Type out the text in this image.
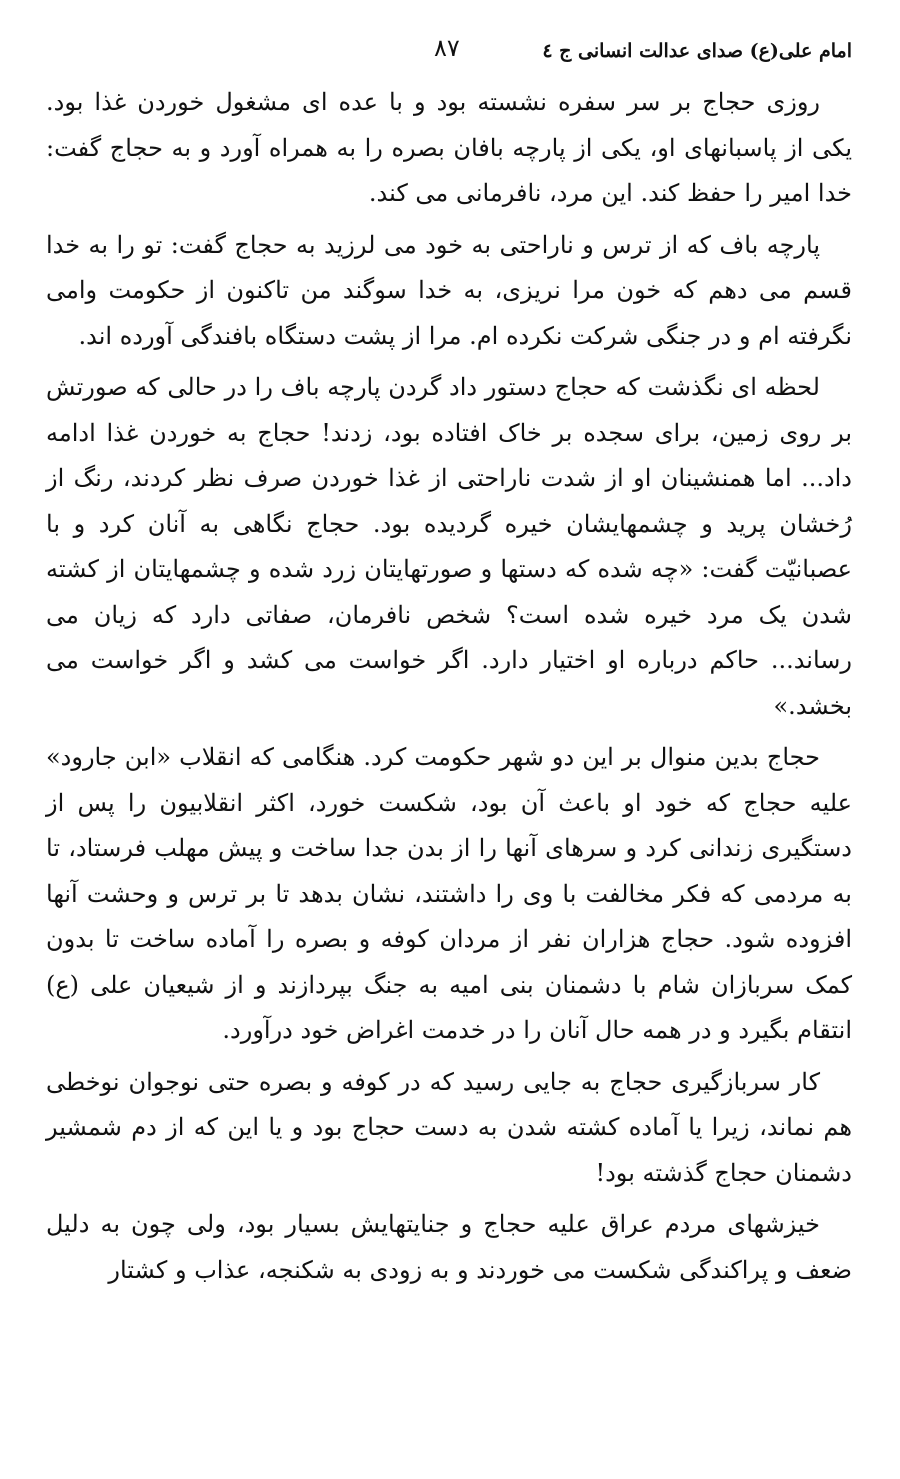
امام علی(ع) صدای عدالت انسانی ج ٤
۸۷

روزی حجاج بر سر سفره نشسته بود و با عده ای مشغول خوردن غذا بود. یکی از پاسبانهای او، یکی از پارچه بافان بصره را به همراه آورد و به حجاج گفت: خدا امیر را حفظ کند. این مرد، نافرمانی می کند.

پارچه باف که از ترس و ناراحتی به خود می لرزید به حجاج گفت: تو را به خدا قسم می دهم که خون مرا نریزی، به خدا سوگند من تاکنون از حکومت وامی نگرفته ام و در جنگی شرکت نکرده ام. مرا از پشت دستگاه بافندگی آورده اند.

لحظه ای نگذشت که حجاج دستور داد گردن پارچه باف را در حالی که صورتش بر روی زمین، برای سجده بر خاک افتاده بود، زدند! حجاج به خوردن غذا ادامه داد... اما همنشینان او از شدت ناراحتی از غذا خوردن صرف نظر کردند، رنگ از رُخشان پرید و چشمهایشان خیره گردیده بود. حجاج نگاهی به آنان کرد و با عصبانیّت گفت: «چه شده که دستها و صورتهایتان زرد شده و چشمهایتان از کشته شدن یک مرد خیره شده است؟ شخص نافرمان، صفاتی دارد که زیان می رساند... حاکم درباره او اختیار دارد. اگر خواست می کشد و اگر خواست می بخشد.»

حجاج بدین منوال بر این دو شهر حکومت کرد. هنگامی که انقلاب «ابن جارود» علیه حجاج که خود او باعث آن بود، شکست خورد، اکثر انقلابیون را پس از دستگیری زندانی کرد و سرهای آنها را از بدن جدا ساخت و پیش مهلب فرستاد، تا به مردمی که فکر مخالفت با وی را داشتند، نشان بدهد تا بر ترس و وحشت آنها افزوده شود. حجاج هزاران نفر از مردان کوفه و بصره را آماده ساخت تا بدون کمک سربازان شام با دشمنان بنی امیه به جنگ بپردازند و از شیعیان علی (ع) انتقام بگیرد و در همه حال آنان را در خدمت اغراض خود درآورد.

کار سربازگیری حجاج به جایی رسید که در کوفه و بصره حتی نوجوان نوخطی هم نماند، زیرا یا آماده کشته شدن به دست حجاج بود و یا این که از دم شمشیر دشمنان حجاج گذشته بود!

خیزشهای مردم عراق علیه حجاج و جنایتهایش بسیار بود، ولی چون به دلیل ضعف و پراکندگی شکست می خوردند و به زودی به شکنجه، عذاب و کشتار
